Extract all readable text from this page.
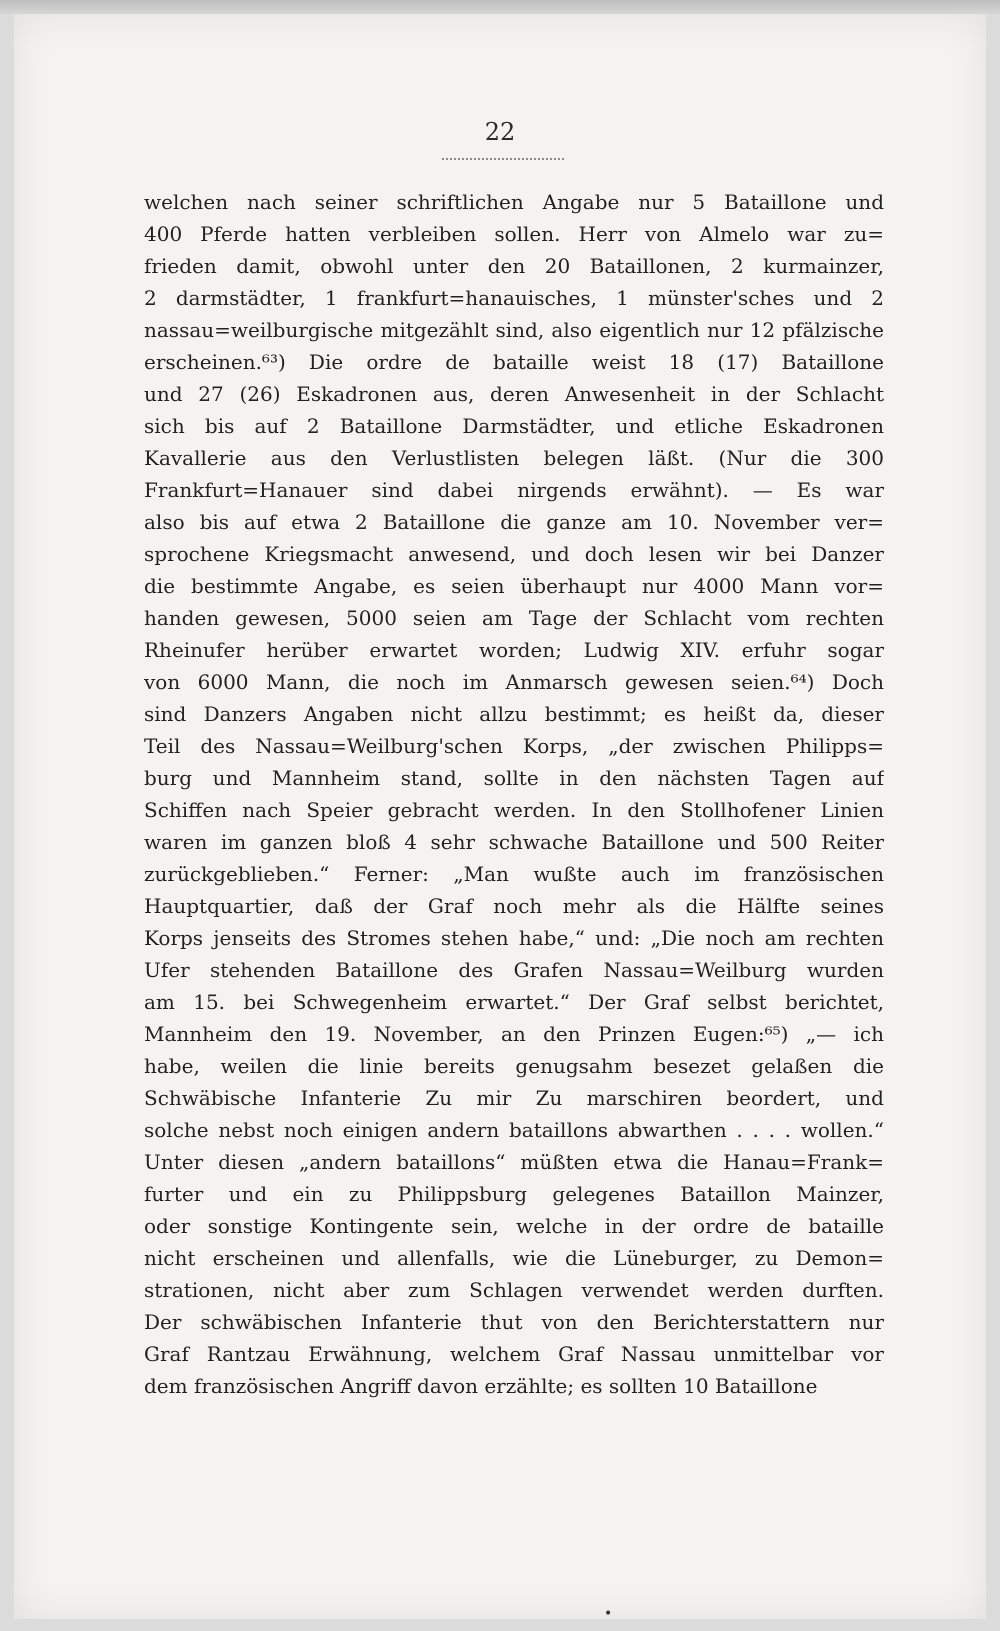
22

welchen nach seiner schriftlichen Angabe nur 5 Bataillone und
400 Pferde hatten verbleiben sollen. Herr von Almelo war zu=
frieden damit, obwohl unter den 20 Bataillonen, 2 kurmainzer,
2 darmstädter, 1 frankfurt=hanauisches, 1 münster'sches und 2
nassau=weilburgische mitgezählt sind, also eigentlich nur 12 pfälzische
erscheinen.⁶³) Die ordre de bataille weist 18 (17) Bataillone
und 27 (26) Eskadronen aus, deren Anwesenheit in der Schlacht
sich bis auf 2 Bataillone Darmstädter, und etliche Eskadronen
Kavallerie aus den Verlustlisten belegen läßt. (Nur die 300
Frankfurt=Hanauer sind dabei nirgends erwähnt). — Es war
also bis auf etwa 2 Bataillone die ganze am 10. November ver=
sprochene Kriegsmacht anwesend, und doch lesen wir bei Danzer
die bestimmte Angabe, es seien überhaupt nur 4000 Mann vor=
handen gewesen, 5000 seien am Tage der Schlacht vom rechten
Rheinufer herüber erwartet worden; Ludwig XIV. erfuhr sogar
von 6000 Mann, die noch im Anmarsch gewesen seien.⁶⁴) Doch
sind Danzers Angaben nicht allzu bestimmt; es heißt da, dieser
Teil des Nassau=Weilburg'schen Korps, „der zwischen Philipps=
burg und Mannheim stand, sollte in den nächsten Tagen auf
Schiffen nach Speier gebracht werden. In den Stollhofener Linien
waren im ganzen bloß 4 sehr schwache Bataillone und 500 Reiter
zurückgeblieben.“ Ferner: „Man wußte auch im französischen
Hauptquartier, daß der Graf noch mehr als die Hälfte seines
Korps jenseits des Stromes stehen habe,“ und: „Die noch am rechten
Ufer stehenden Bataillone des Grafen Nassau=Weilburg wurden
am 15. bei Schwegenheim erwartet.“ Der Graf selbst berichtet,
Mannheim den 19. November, an den Prinzen Eugen:⁶⁵) „— ich
habe, weilen die linie bereits genugsahm besezet gelaßen die
Schwäbische Infanterie Zu mir Zu marschiren beordert, und
solche nebst noch einigen andern bataillons abwarthen . . . . wollen.“
Unter diesen „andern bataillons“ müßten etwa die Hanau=Frank=
furter und ein zu Philippsburg gelegenes Bataillon Mainzer,
oder sonstige Kontingente sein, welche in der ordre de bataille
nicht erscheinen und allenfalls, wie die Lüneburger, zu Demon=
strationen, nicht aber zum Schlagen verwendet werden durften.
Der schwäbischen Infanterie thut von den Berichterstattern nur
Graf Rantzau Erwähnung, welchem Graf Nassau unmittelbar vor
dem französischen Angriff davon erzählte; es sollten 10 Bataillone
•
